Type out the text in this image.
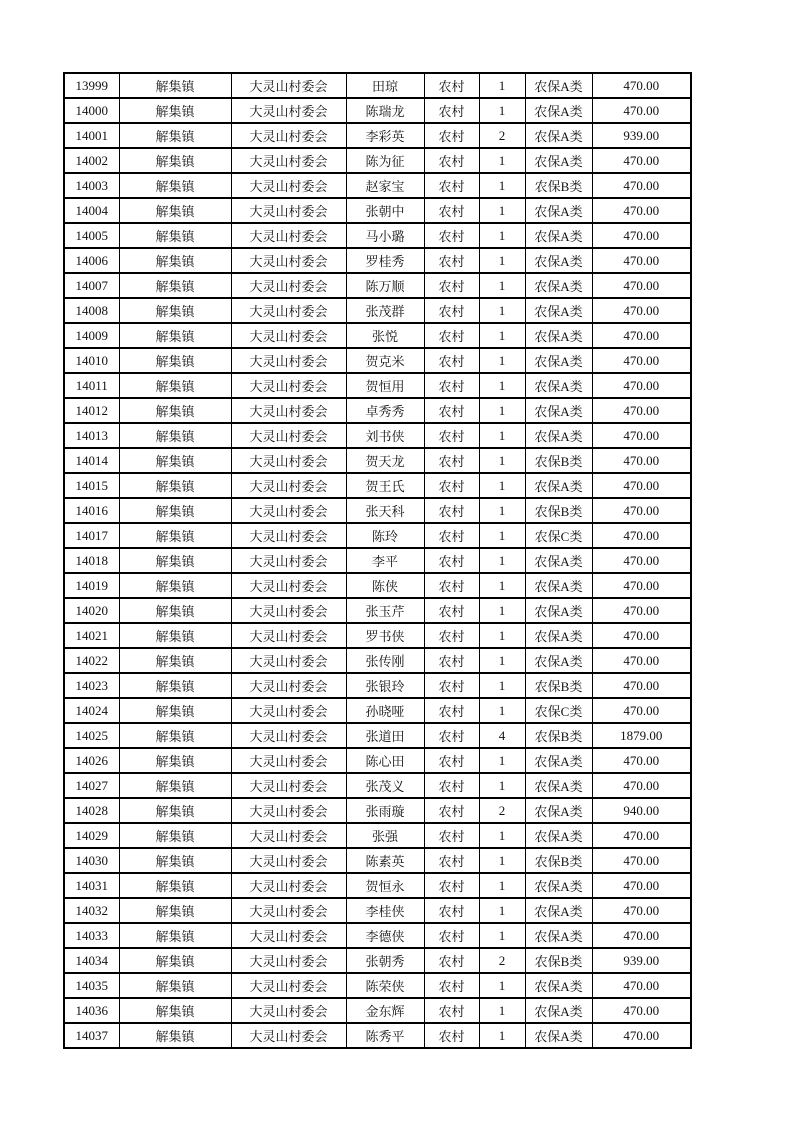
13999	解集镇	大灵山村委会	田琼	农村	1	农保A类	470.00
14000	解集镇	大灵山村委会	陈瑞龙	农村	1	农保A类	470.00
14001	解集镇	大灵山村委会	李彩英	农村	2	农保A类	939.00
14002	解集镇	大灵山村委会	陈为征	农村	1	农保A类	470.00
14003	解集镇	大灵山村委会	赵家宝	农村	1	农保B类	470.00
14004	解集镇	大灵山村委会	张朝中	农村	1	农保A类	470.00
14005	解集镇	大灵山村委会	马小璐	农村	1	农保A类	470.00
14006	解集镇	大灵山村委会	罗桂秀	农村	1	农保A类	470.00
14007	解集镇	大灵山村委会	陈万顺	农村	1	农保A类	470.00
14008	解集镇	大灵山村委会	张茂群	农村	1	农保A类	470.00
14009	解集镇	大灵山村委会	张悦	农村	1	农保A类	470.00
14010	解集镇	大灵山村委会	贺克米	农村	1	农保A类	470.00
14011	解集镇	大灵山村委会	贺恒用	农村	1	农保A类	470.00
14012	解集镇	大灵山村委会	卓秀秀	农村	1	农保A类	470.00
14013	解集镇	大灵山村委会	刘书侠	农村	1	农保A类	470.00
14014	解集镇	大灵山村委会	贺天龙	农村	1	农保B类	470.00
14015	解集镇	大灵山村委会	贺王氏	农村	1	农保A类	470.00
14016	解集镇	大灵山村委会	张天科	农村	1	农保B类	470.00
14017	解集镇	大灵山村委会	陈玲	农村	1	农保C类	470.00
14018	解集镇	大灵山村委会	李平	农村	1	农保A类	470.00
14019	解集镇	大灵山村委会	陈侠	农村	1	农保A类	470.00
14020	解集镇	大灵山村委会	张玉芹	农村	1	农保A类	470.00
14021	解集镇	大灵山村委会	罗书侠	农村	1	农保A类	470.00
14022	解集镇	大灵山村委会	张传刚	农村	1	农保A类	470.00
14023	解集镇	大灵山村委会	张银玲	农村	1	农保B类	470.00
14024	解集镇	大灵山村委会	孙晓哑	农村	1	农保C类	470.00
14025	解集镇	大灵山村委会	张道田	农村	4	农保B类	1879.00
14026	解集镇	大灵山村委会	陈心田	农村	1	农保A类	470.00
14027	解集镇	大灵山村委会	张茂义	农村	1	农保A类	470.00
14028	解集镇	大灵山村委会	张雨璇	农村	2	农保A类	940.00
14029	解集镇	大灵山村委会	张强	农村	1	农保A类	470.00
14030	解集镇	大灵山村委会	陈素英	农村	1	农保B类	470.00
14031	解集镇	大灵山村委会	贺恒永	农村	1	农保A类	470.00
14032	解集镇	大灵山村委会	李桂侠	农村	1	农保A类	470.00
14033	解集镇	大灵山村委会	李德侠	农村	1	农保A类	470.00
14034	解集镇	大灵山村委会	张朝秀	农村	2	农保B类	939.00
14035	解集镇	大灵山村委会	陈荣侠	农村	1	农保A类	470.00
14036	解集镇	大灵山村委会	金东辉	农村	1	农保A类	470.00
14037	解集镇	大灵山村委会	陈秀平	农村	1	农保A类	470.00
